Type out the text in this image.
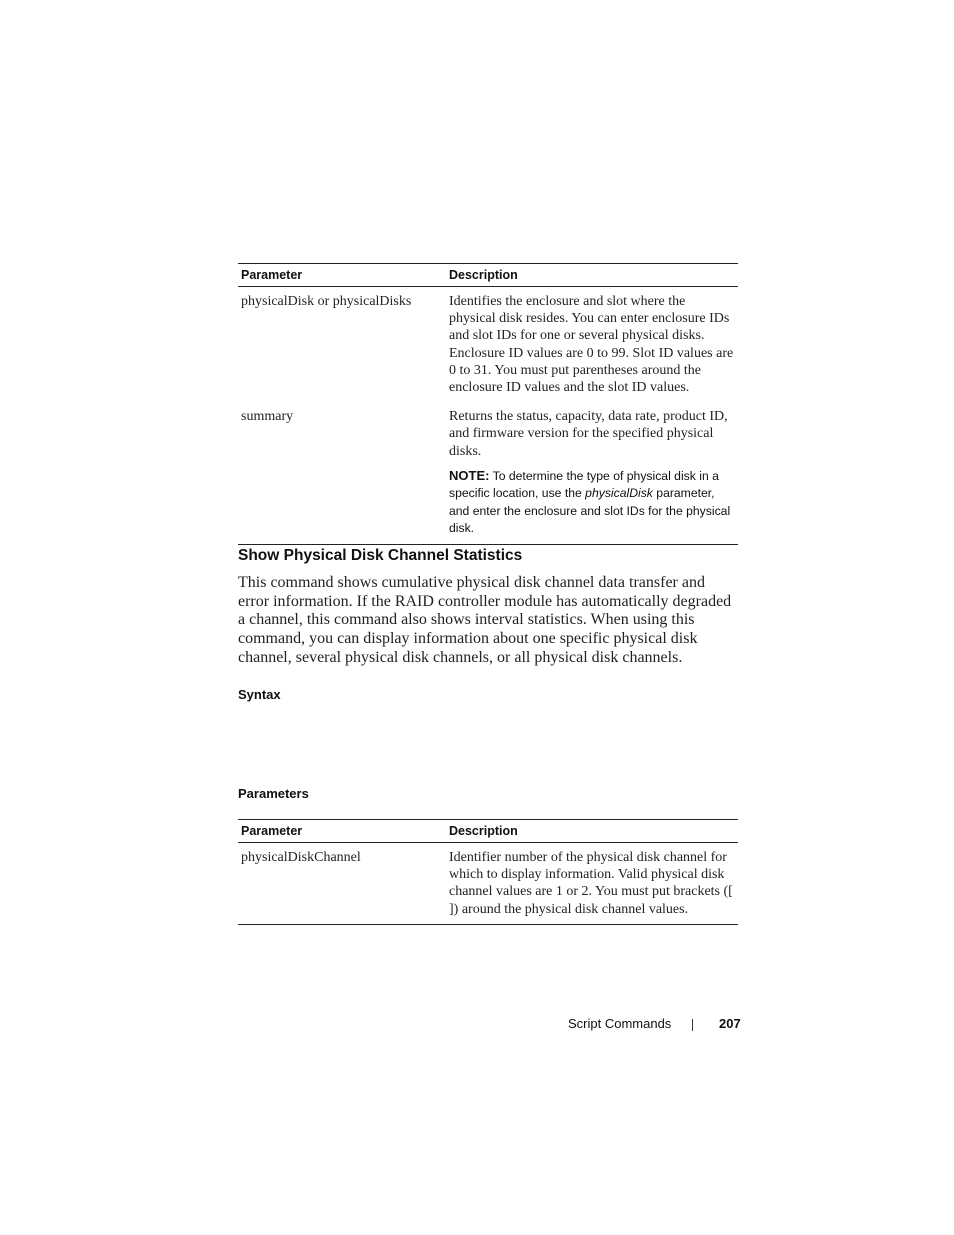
Parameter	Description
physicalDisk or physicalDisks	Identifies the enclosure and slot where the physical disk resides. You can enter enclosure IDs and slot IDs for one or several physical disks. Enclosure ID values are 0 to 99. Slot ID values are 0 to 31. You must put parentheses around the enclosure ID values and the slot ID values.
summary	Returns the status, capacity, data rate, product ID, and firmware version for the specified physical disks.
NOTE: To determine the type of physical disk in a specific location, use the physicalDisk parameter, and enter the enclosure and slot IDs for the physical disk.
Show Physical Disk Channel Statistics

This command shows cumulative physical disk channel data transfer and error information. If the RAID controller module has automatically degraded a channel, this command also shows interval statistics. When using this command, you can display information about one specific physical disk channel, several physical disk channels, or all physical disk channels.

Syntax
Parameters
Parameter	Description
physicalDiskChannel	Identifier number of the physical disk channel for which to display information. Valid physical disk channel values are 1 or 2. You must put brackets ([ ]) around the physical disk channel values.
Script Commands	207
